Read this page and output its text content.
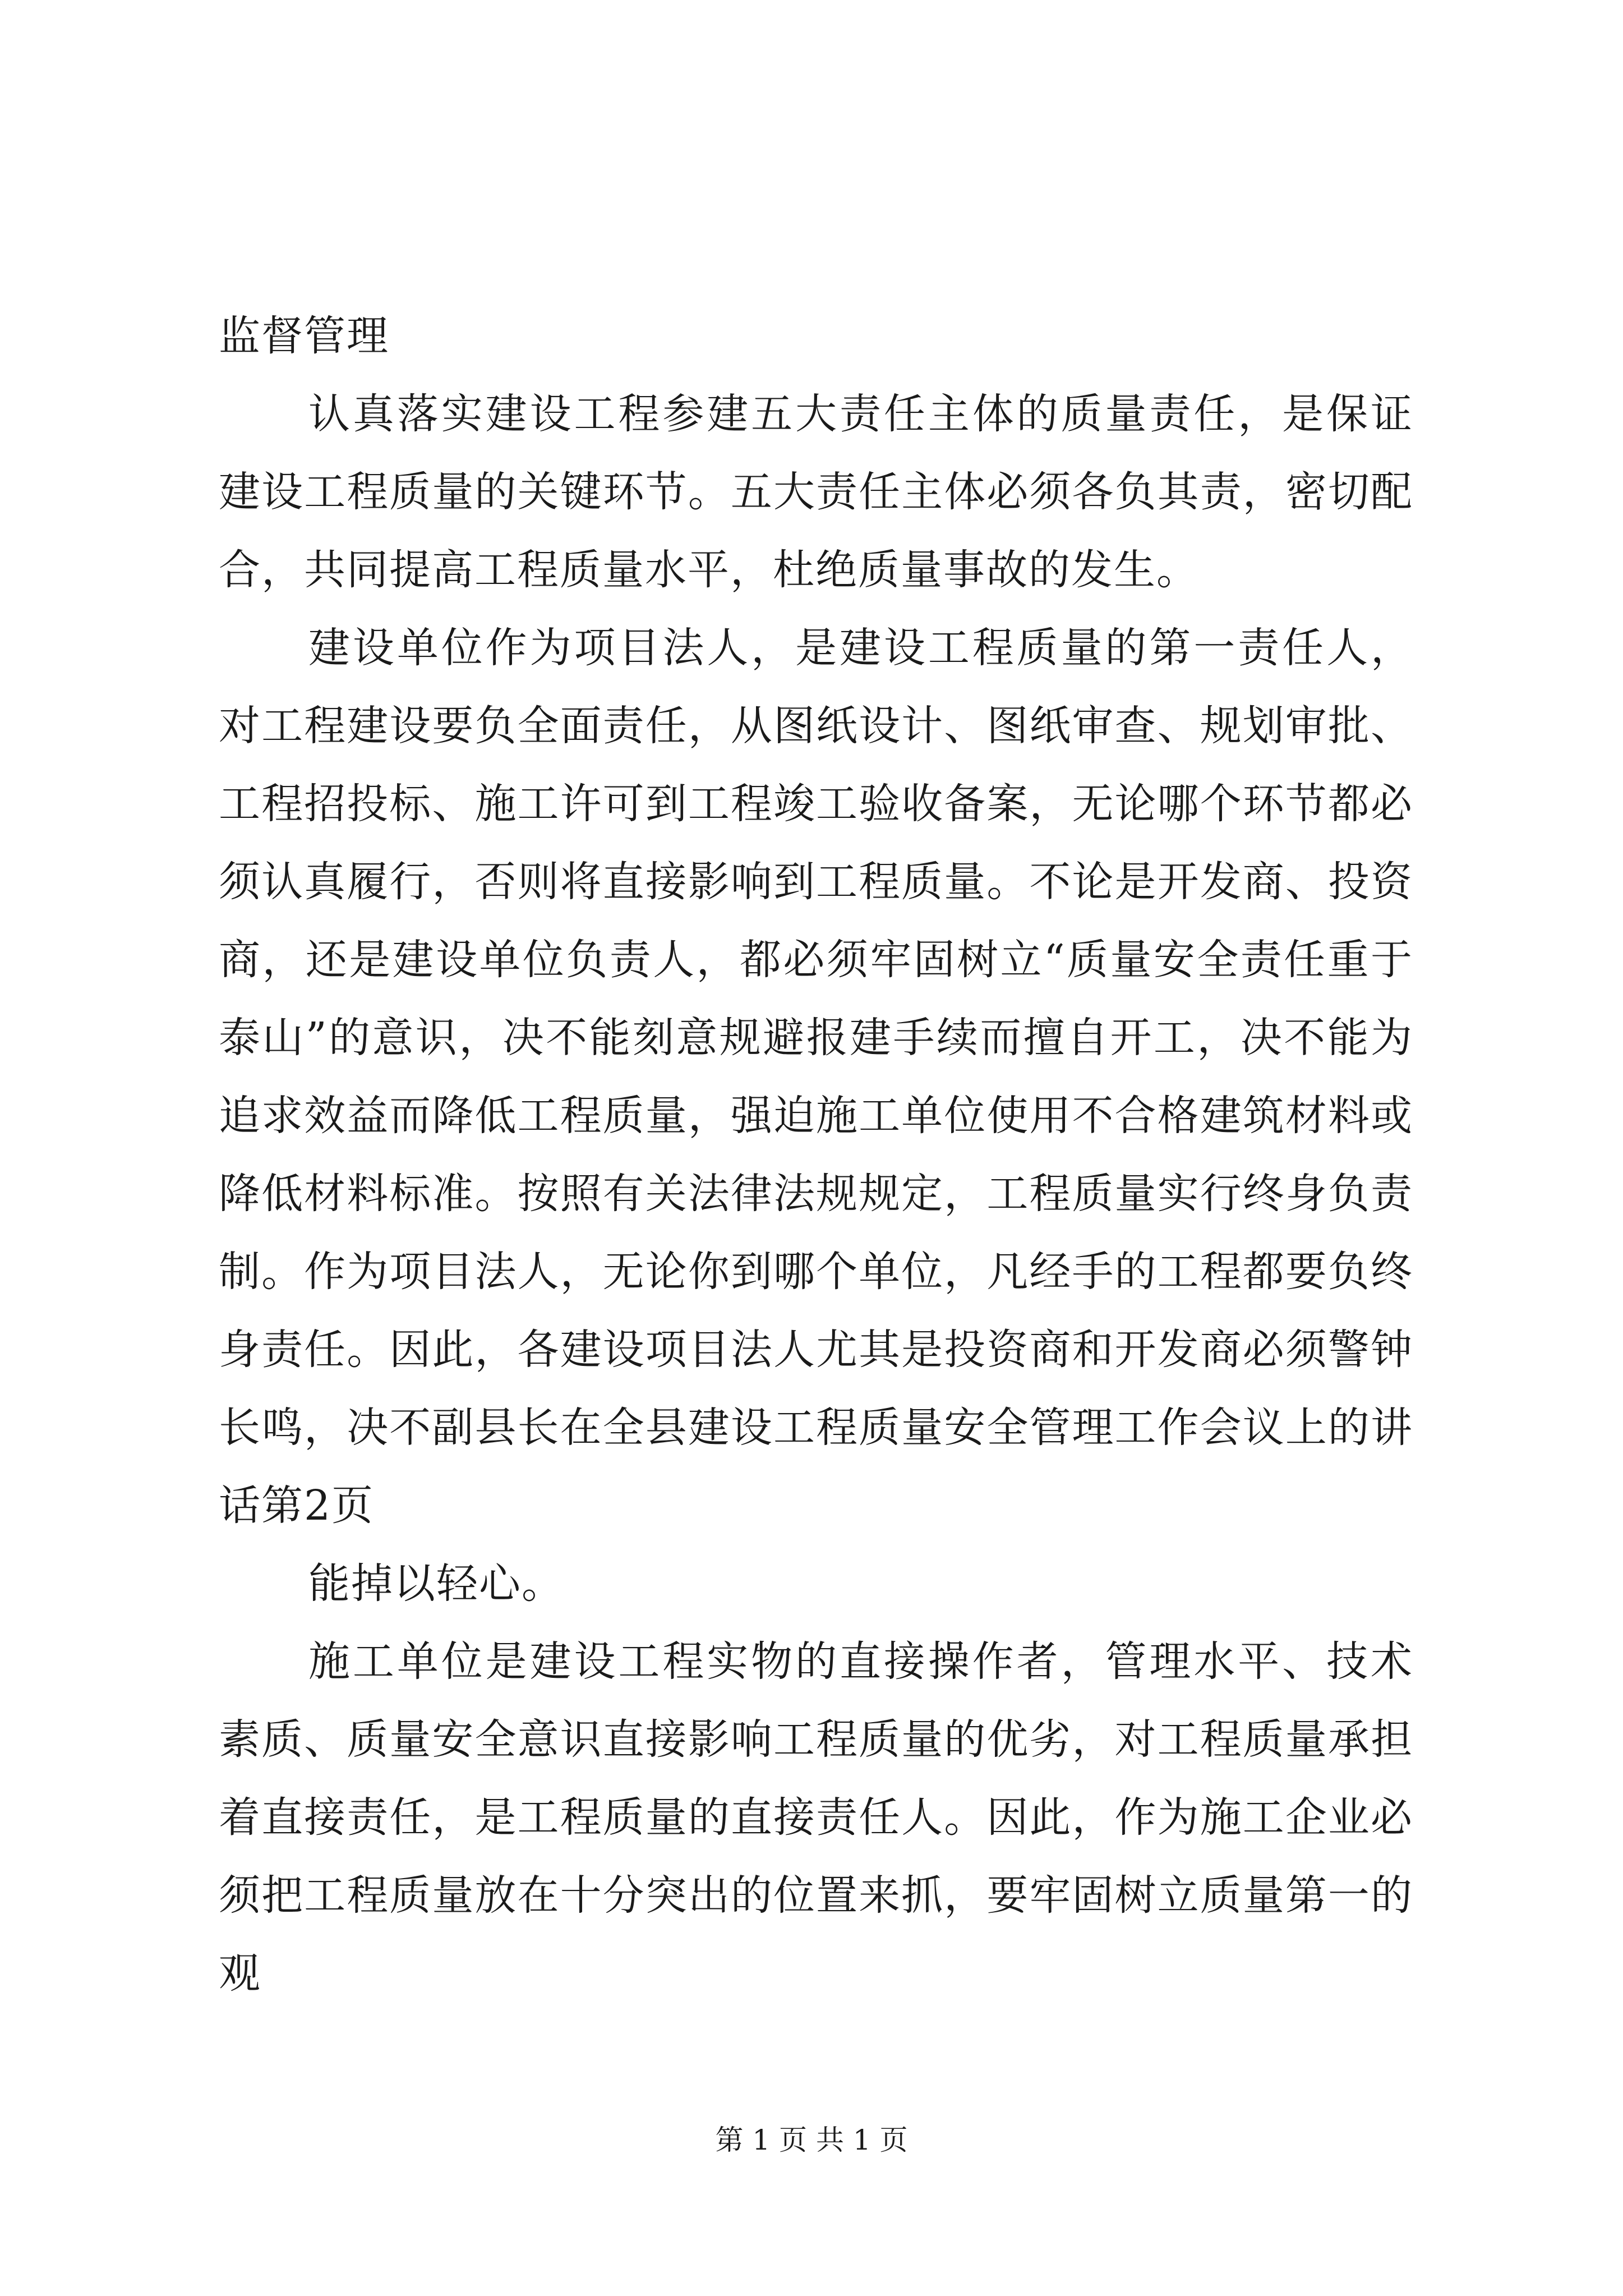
监督管理

认真落实建设工程参建五大责任主体的质量责任，是保证建设工程质量的关键环节。五大责任主体必须各负其责，密切配合，共同提高工程质量水平，杜绝质量事故的发生。

建设单位作为项目法人，是建设工程质量的第一责任人，对工程建设要负全面责任，从图纸设计、图纸审查、规划审批、工程招投标、施工许可到工程竣工验收备案，无论哪个环节都必须认真履行，否则将直接影响到工程质量。不论是开发商、投资商，还是建设单位负责人，都必须牢固树立“质量安全责任重于泰山”的意识，决不能刻意规避报建手续而擅自开工，决不能为追求效益而降低工程质量，强迫施工单位使用不合格建筑材料或降低材料标准。按照有关法律法规规定，工程质量实行终身负责制。作为项目法人，无论你到哪个单位，凡经手的工程都要负终身责任。因此，各建设项目法人尤其是投资商和开发商必须警钟长鸣，决不副县长在全县建设工程质量安全管理工作会议上的讲话第2页

能掉以轻心。

施工单位是建设工程实物的直接操作者，管理水平、技术素质、质量安全意识直接影响工程质量的优劣，对工程质量承担着直接责任，是工程质量的直接责任人。因此，作为施工企业必须把工程质量放在十分突出的位置来抓，要牢固树立质量第一的观

第 1 页 共 1 页
